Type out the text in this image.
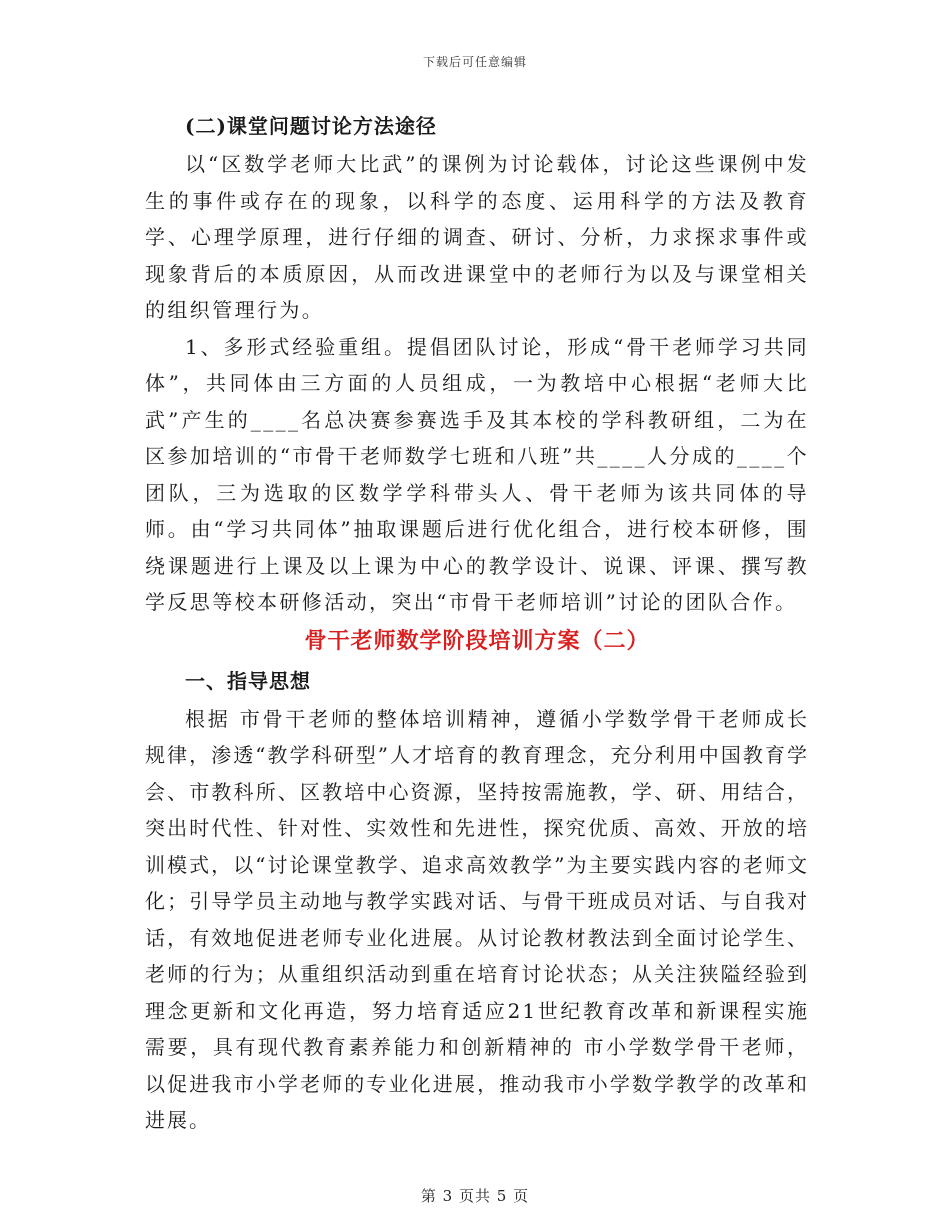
下载后可任意编辑

(二)课堂问题讨论方法途径

以“区数学老师大比武”的课例为讨论载体，讨论这些课例中发生的事件或存在的现象，以科学的态度、运用科学的方法及教育学、心理学原理，进行仔细的调查、研讨、分析，力求探求事件或现象背后的本质原因，从而改进课堂中的老师行为以及与课堂相关的组织管理行为。

1、多形式经验重组。提倡团队讨论，形成“骨干老师学习共同体”，共同体由三方面的人员组成，一为教培中心根据“老师大比武”产生的____名总决赛参赛选手及其本校的学科教研组，二为在区参加培训的“市骨干老师数学七班和八班”共____人分成的____个团队，三为选取的区数学学科带头人、骨干老师为该共同体的导师。由“学习共同体”抽取课题后进行优化组合，进行校本研修，围绕课题进行上课及以上课为中心的教学设计、说课、评课、撰写教学反思等校本研修活动，突出“市骨干老师培训”讨论的团队合作。

骨干老师数学阶段培训方案（二）

一、指导思想

根据 市骨干老师的整体培训精神，遵循小学数学骨干老师成长规律，渗透“教学科研型”人才培育的教育理念，充分利用中国教育学会、市教科所、区教培中心资源，坚持按需施教，学、研、用结合，突出时代性、针对性、实效性和先进性，探究优质、高效、开放的培训模式，以“讨论课堂教学、追求高效教学”为主要实践内容的老师文化；引导学员主动地与教学实践对话、与骨干班成员对话、与自我对话，有效地促进老师专业化进展。从讨论教材教法到全面讨论学生、老师的行为；从重组织活动到重在培育讨论状态；从关注狭隘经验到理念更新和文化再造，努力培育适应21世纪教育改革和新课程实施需要，具有现代教育素养能力和创新精神的 市小学数学骨干老师，以促进我市小学老师的专业化进展，推动我市小学数学教学的改革和进展。

第 3 页共 5 页
